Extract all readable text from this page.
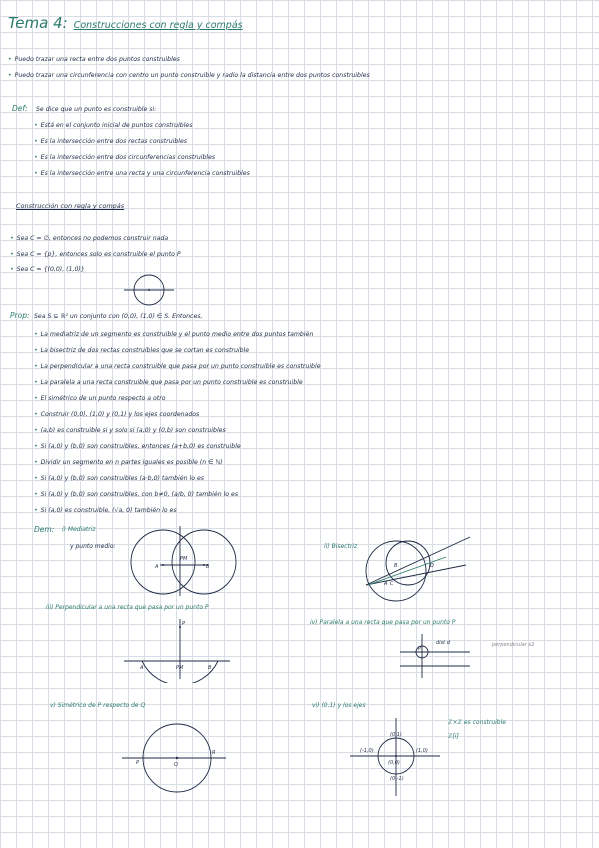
Tema 4: Construcciones con regla y compás
• Puedo trazar una recta entre dos puntos construibles
• Puedo trazar una circunferencia con centro un punto construible y radio la distancia entre dos puntos construibles
Def: Se dice que un punto es construible si:
• Está en el conjunto inicial de puntos construibles
• Es la intersección entre dos rectas construibles
• Es la intersección entre dos circunferencias construibles
• Es la intersección entre una recta y una circunferencia construibles
Construcción con regla y compás
• Sea C = ∅, entonces no podemos construir nada
• Sea C = {p}, entonces solo es construible el punto P
• Sea C = {(0,0), (1,0)}
Prop: Sea S ⊆ ℝ² un conjunto con (0,0), (1,0) ∈ S. Entonces,
• La mediatriz de un segmento es construible y el punto medio entre dos puntos también
• La bisectriz de dos rectas construibles que se cortan es construible
• La perpendicular a una recta construible que pasa por un punto construible es construible
• La paralela a una recta construible que pasa por un punto construible es construible
• El simétrico de un punto respecto a otro
• Construir (0,0), (1,0) y (0,1) y los ejes coordenados
• (a,b) es construible si y solo si (a,0) y (0,b) son construibles
• Si (a,0) y (b,0) son construibles, entonces (a+b,0) es construible
• Dividir un segmento en n partes iguales es posible (n ∈ ℕ)
• Si (a,0) y (b,0) son construibles (a·b,0) también lo es
• Si (a,0) y (b,0) son construibles, con b≠0, (a/b, 0) también lo es
• Si (a,0) es construible, (√a, 0) también lo es
Dem: i) Mediatriz
y punto medio:
A	B
PM
ii) Bisectriz
B	D
C
A
iii) Perpendicular a una recta que pasa por un punto P
P
A	B
PM
iv) Paralela a una recta que pasa por un punto P
P
dist d	perpendicular x2
v) Simétrico de P respecto de Q
P	Q
R
vi) (0,1) y los ejes
(0,1)
(1,0)
(-1,0)
(0,0)
(0,-1)
ℤ×ℤ es construible
ℤ[i]
